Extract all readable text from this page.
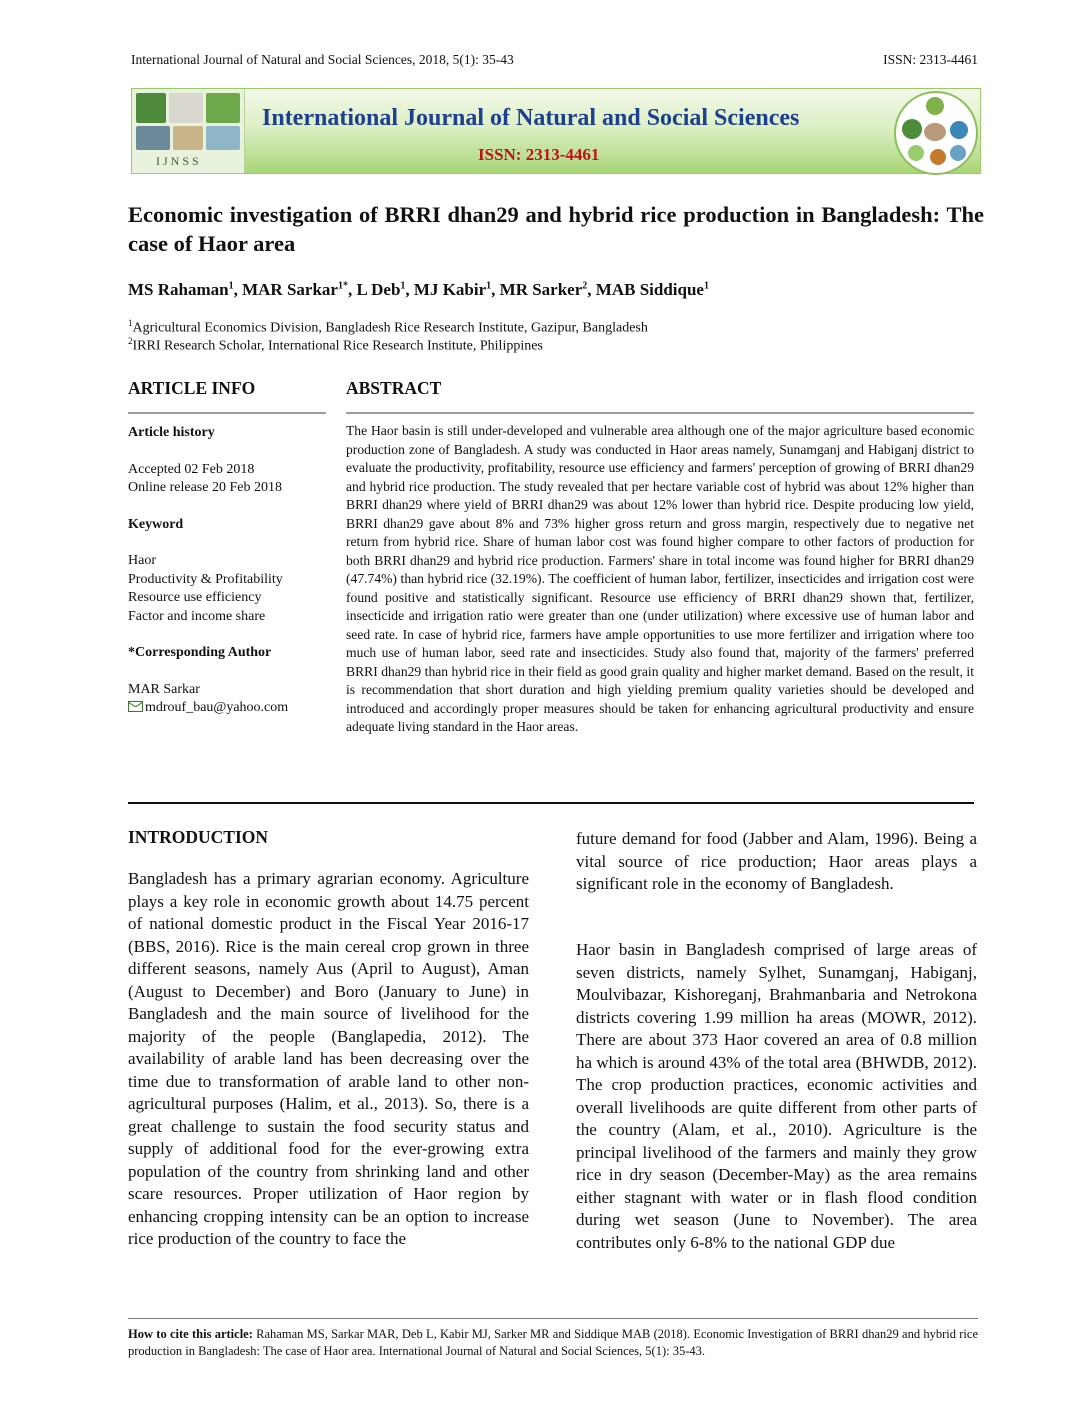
International Journal of Natural and Social Sciences, 2018, 5(1): 35-43	ISSN: 2313-4461
IJNSS
International Journal of Natural and Social Sciences
ISSN: 2313-4461
Economic investigation of BRRI dhan29 and hybrid rice production in Bangladesh: The case of Haor area
MS Rahaman$^1$, MAR Sarkar$^{1*}$, L Deb$^1$, MJ Kabir$^1$, MR Sarker$^2$, MAB Siddique$^1$
$^1$Agricultural Economics Division, Bangladesh Rice Research Institute, Gazipur, Bangladesh
$^2$IRRI Research Scholar, International Rice Research Institute, Philippines
ARTICLE INFO	ABSTRACT
Article history
Accepted 02 Feb 2018
Online release 20 Feb 2018
Keyword
Haor
Productivity & Profitability
Resource use efficiency
Factor and income share
*Corresponding Author
MAR Sarkar
mdrouf_bau@yahoo.com
The Haor basin is still under-developed and vulnerable area although one of the major agriculture based economic production zone of Bangladesh. A study was conducted in Haor areas namely, Sunamganj and Habiganj district to evaluate the productivity, profitability, resource use efficiency and farmers' perception of growing of BRRI dhan29 and hybrid rice production. The study revealed that per hectare variable cost of hybrid was about 12% higher than BRRI dhan29 where yield of BRRI dhan29 was about 12% lower than hybrid rice. Despite producing low yield, BRRI dhan29 gave about 8% and 73% higher gross return and gross margin, respectively due to negative net return from hybrid rice. Share of human labor cost was found higher compare to other factors of production for both BRRI dhan29 and hybrid rice production. Farmers' share in total income was found higher for BRRI dhan29 (47.74%) than hybrid rice (32.19%). The coefficient of human labor, fertilizer, insecticides and irrigation cost were found positive and statistically significant. Resource use efficiency of BRRI dhan29 shown that, fertilizer, insecticide and irrigation ratio were greater than one (under utilization) where excessive use of human labor and seed rate. In case of hybrid rice, farmers have ample opportunities to use more fertilizer and irrigation where too much use of human labor, seed rate and insecticides. Study also found that, majority of the farmers' preferred BRRI dhan29 than hybrid rice in their field as good grain quality and higher market demand. Based on the result, it is recommendation that short duration and high yielding premium quality varieties should be developed and introduced and accordingly proper measures should be taken for enhancing agricultural productivity and ensure adequate living standard in the Haor areas.
INTRODUCTION
Bangladesh has a primary agrarian economy. Agriculture plays a key role in economic growth about 14.75 percent of national domestic product in the Fiscal Year 2016-17 (BBS, 2016). Rice is the main cereal crop grown in three different seasons, namely Aus (April to August), Aman (August to December) and Boro (January to June) in Bangladesh and the main source of livelihood for the majority of the people (Banglapedia, 2012). The availability of arable land has been decreasing over the time due to transformation of arable land to other non-agricultural purposes (Halim, et al., 2013). So, there is a great challenge to sustain the food security status and supply of additional food for the ever-growing extra population of the country from shrinking land and other scare resources. Proper utilization of Haor region by enhancing cropping intensity can be an option to increase rice production of the country to face the
future demand for food (Jabber and Alam, 1996). Being a vital source of rice production; Haor areas plays a significant role in the economy of Bangladesh.
Haor basin in Bangladesh comprised of large areas of seven districts, namely Sylhet, Sunamganj, Habiganj, Moulvibazar, Kishoreganj, Brahmanbaria and Netrokona districts covering 1.99 million ha areas (MOWR, 2012). There are about 373 Haor covered an area of 0.8 million ha which is around 43% of the total area (BHWDB, 2012). The crop production practices, economic activities and overall livelihoods are quite different from other parts of the country (Alam, et al., 2010). Agriculture is the principal livelihood of the farmers and mainly they grow rice in dry season (December-May) as the area remains either stagnant with water or in flash flood condition during wet season (June to November). The area contributes only 6-8% to the national GDP due
How to cite this article: Rahaman MS, Sarkar MAR, Deb L, Kabir MJ, Sarker MR and Siddique MAB (2018). Economic Investigation of BRRI dhan29 and hybrid rice production in Bangladesh: The case of Haor area. International Journal of Natural and Social Sciences, 5(1): 35-43.
